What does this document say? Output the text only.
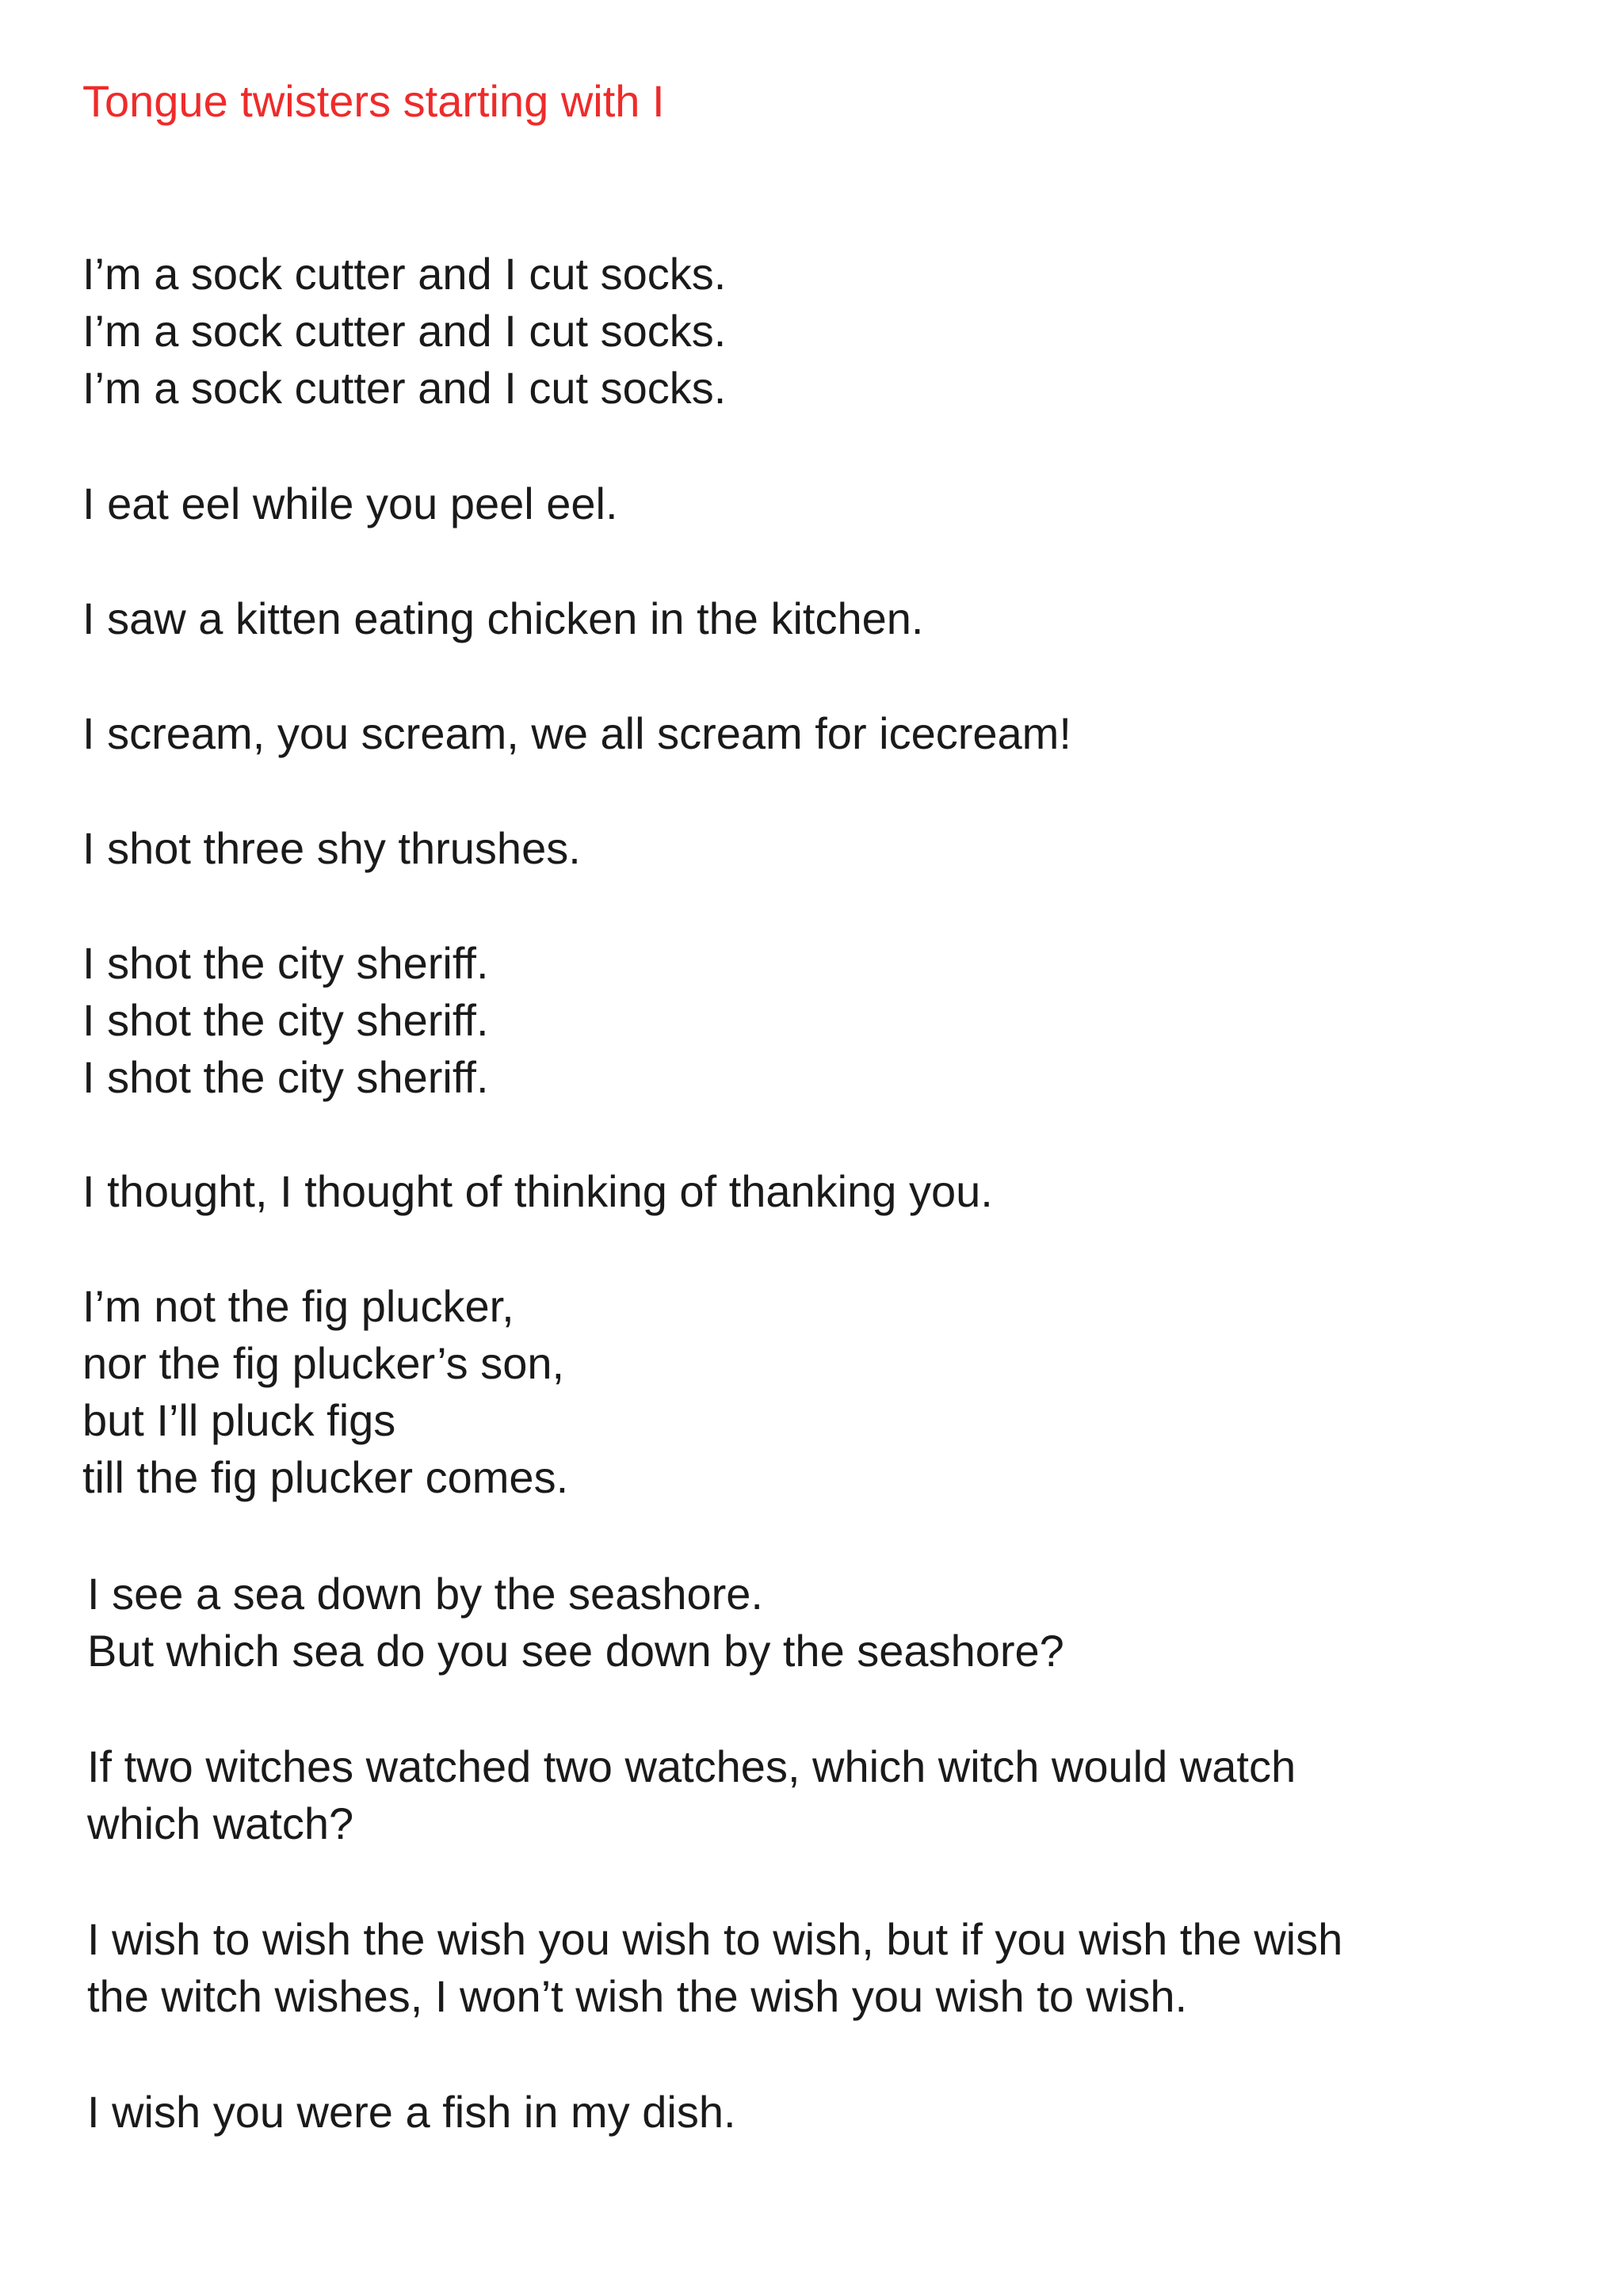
Tongue twisters starting with I
I’m a sock cutter and I cut socks.
I’m a sock cutter and I cut socks.
I’m a sock cutter and I cut socks.
I eat eel while you peel eel.
I saw a kitten eating chicken in the kitchen.
I scream, you scream, we all scream for icecream!
I shot three shy thrushes.
I shot the city sheriff.
I shot the city sheriff.
I shot the city sheriff.
I thought, I thought of thinking of thanking you.
I’m not the fig plucker,
nor the fig plucker’s son,
but I’ll pluck figs
till the fig plucker comes.
I see a sea down by the seashore.
But which sea do you see down by the seashore?
If two witches watched two watches, which witch would watch
which watch?
I wish to wish the wish you wish to wish, but if you wish the wish
the witch wishes, I won’t wish the wish you wish to wish.
I wish you were a fish in my dish.
